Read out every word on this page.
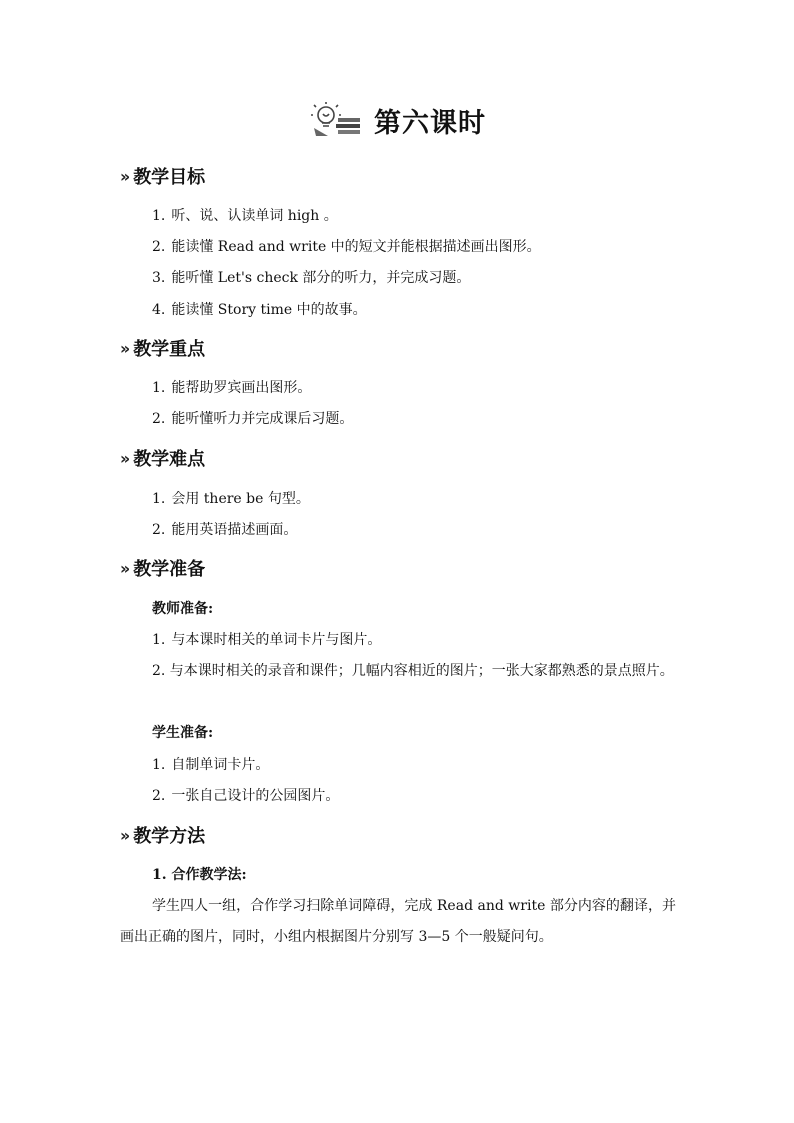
第六课时
›› 教学目标
1. 听、说、认读单词 high 。
2. 能读懂 Read and write 中的短文并能根据描述画出图形。
3. 能听懂 Let's check 部分的听力，并完成习题。
4. 能读懂 Story time 中的故事。
›› 教学重点
1. 能帮助罗宾画出图形。
2. 能听懂听力并完成课后习题。
›› 教学难点
1. 会用 there be 句型。
2. 能用英语描述画面。
›› 教学准备
教师准备:
1. 与本课时相关的单词卡片与图片。
2. 与本课时相关的录音和课件；几幅内容相近的图片；一张大家都熟悉的景点照片。
学生准备:
1. 自制单词卡片。
2. 一张自己设计的公园图片。
›› 教学方法
1. 合作教学法:
学生四人一组，合作学习扫除单词障碍，完成 Read and write 部分内容的翻译，并画出正确的图片，同时，小组内根据图片分别写 3—5 个一般疑问句。
